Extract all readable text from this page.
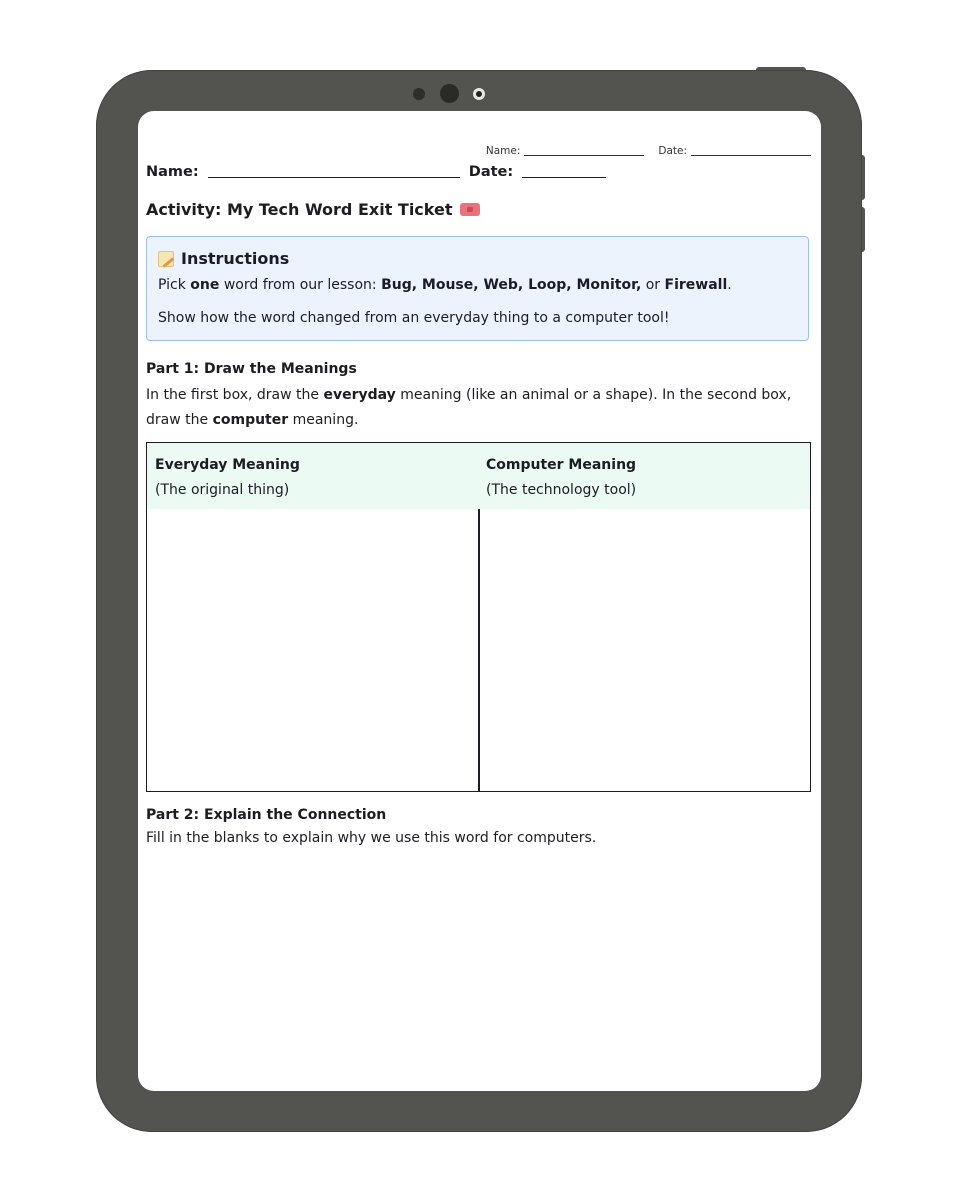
Name:	Date:
Name:	Date:
Activity: My Tech Word Exit Ticket
Instructions
Pick one word from our lesson: Bug, Mouse, Web, Loop, Monitor, or Firewall.
Show how the word changed from an everyday thing to a computer tool!
Part 1: Draw the Meanings
In the first box, draw the everyday meaning (like an animal or a shape). In the second box, draw the computer meaning.
Everyday Meaning
(The original thing)
Computer Meaning
(The technology tool)
Part 2: Explain the Connection
Fill in the blanks to explain why we use this word for computers.
